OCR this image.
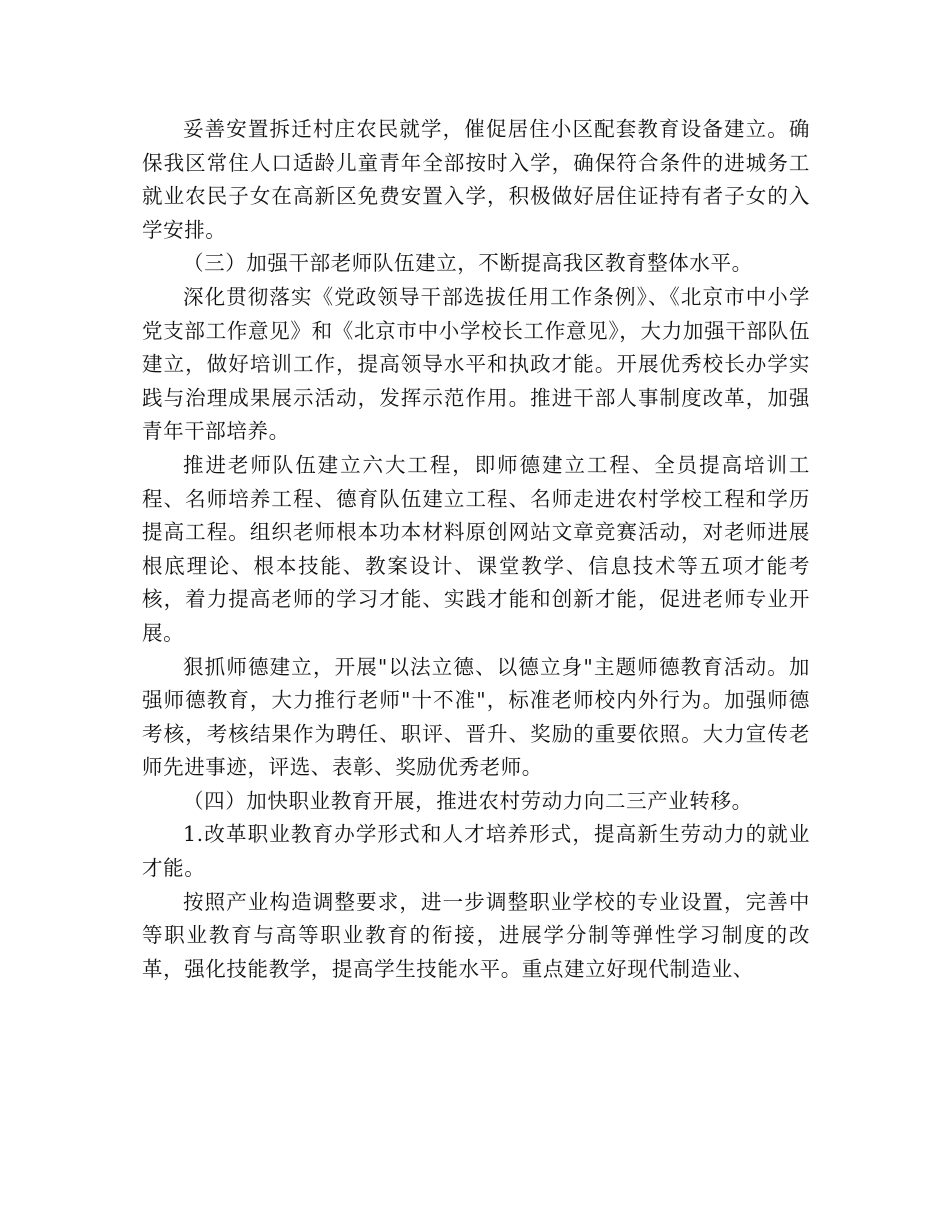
妥善安置拆迁村庄农民就学，催促居住小区配套教育设备建立。确保我区常住人口适龄儿童青年全部按时入学，确保符合条件的进城务工就业农民子女在高新区免费安置入学，积极做好居住证持有者子女的入学安排。

（三）加强干部老师队伍建立，不断提高我区教育整体水平。

深化贯彻落实《党政领导干部选拔任用工作条例》、《北京市中小学党支部工作意见》和《北京市中小学校长工作意见》，大力加强干部队伍建立，做好培训工作，提高领导水平和执政才能。开展优秀校长办学实践与治理成果展示活动，发挥示范作用。推进干部人事制度改革，加强青年干部培养。

推进老师队伍建立六大工程，即师德建立工程、全员提高培训工程、名师培养工程、德育队伍建立工程、名师走进农村学校工程和学历提高工程。组织老师根本功本材料原创网站文章竞赛活动，对老师进展根底理论、根本技能、教案设计、课堂教学、信息技术等五项才能考核，着力提高老师的学习才能、实践才能和创新才能，促进老师专业开展。

狠抓师德建立，开展"以法立德、以德立身"主题师德教育活动。加强师德教育，大力推行老师"十不准"，标准老师校内外行为。加强师德考核，考核结果作为聘任、职评、晋升、奖励的重要依照。大力宣传老师先进事迹，评选、表彰、奖励优秀老师。

（四）加快职业教育开展，推进农村劳动力向二三产业转移。

1.改革职业教育办学形式和人才培养形式，提高新生劳动力的就业才能。

按照产业构造调整要求，进一步调整职业学校的专业设置，完善中等职业教育与高等职业教育的衔接，进展学分制等弹性学习制度的改革，强化技能教学，提高学生技能水平。重点建立好现代制造业、
